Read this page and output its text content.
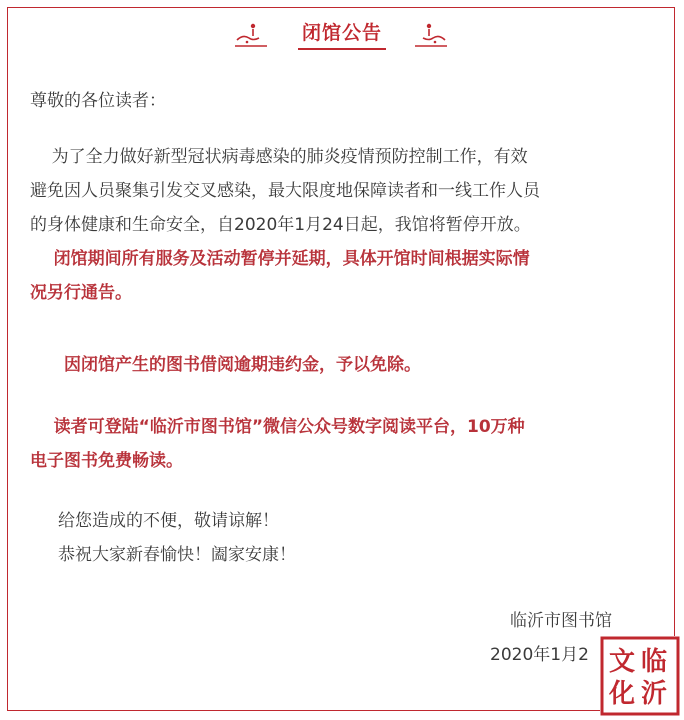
闭馆公告
尊敬的各位读者：
为了全力做好新型冠状病毒感染的肺炎疫情预防控制工作，有效
避免因人员聚集引发交叉感染，最大限度地保障读者和一线工作人员
的身体健康和生命安全，自2020年1月24日起，我馆将暂停开放。
闭馆期间所有服务及活动暂停并延期，具体开馆时间根据实际情
况另行通告。
因闭馆产生的图书借阅逾期违约金，予以免除。
读者可登陆“临沂市图书馆”微信公众号数字阅读平台，10万种
电子图书免费畅读。
给您造成的不便，敬请谅解！
恭祝大家新春愉快！阖家安康！
临沂市图书馆
2020年1月2	临
沂
文
化
